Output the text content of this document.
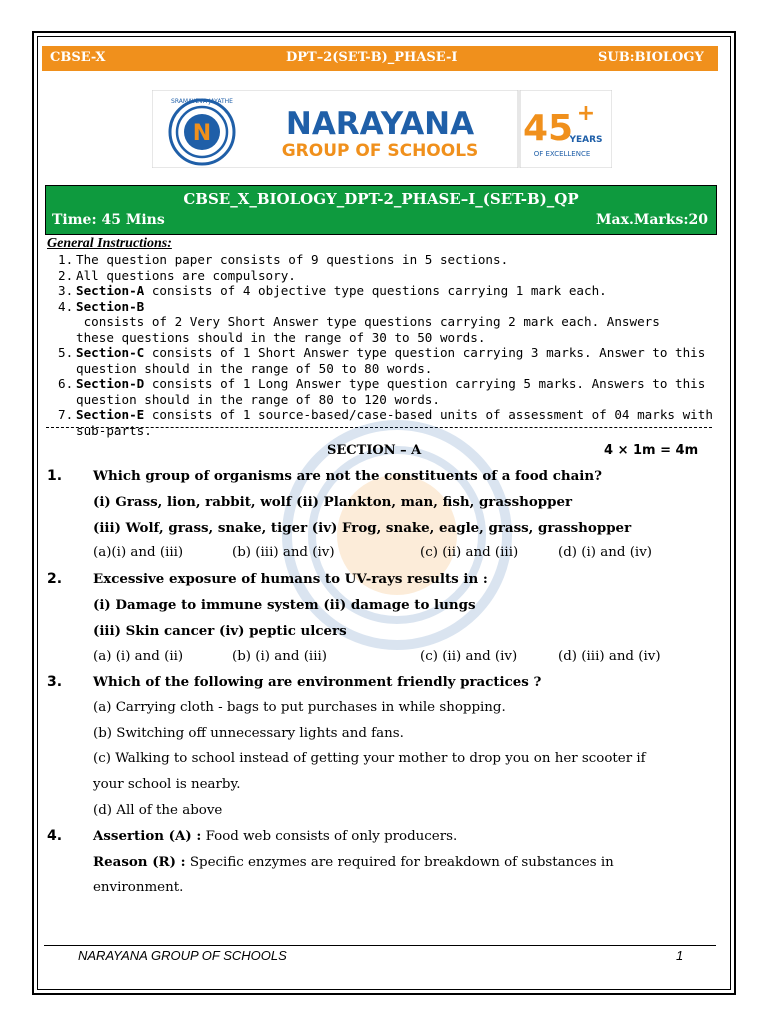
CBSE-X	DPT–2(SET-B)_PHASE-I	SUB:BIOLOGY
N
SRAMAYEVA JAYATHE
NARAYANA
GROUP OF SCHOOLS
45 +
YEARS
OF EXCELLENCE
CBSE_X_BIOLOGY_DPT-2_PHASE–I_(SET-B)_QP
Time: 45 Mins	Max.Marks:20
General Instructions:
1. The question paper consists of 9 questions in 5 sections.
2. All questions are compulsory.
3. Section-A consists of 4 objective type questions carrying 1 mark each.
4. Section-B consists of 2 Very Short Answer type questions carrying 2 mark each. Answers
these questions should in the range of 30 to 50 words.
5. Section-C consists of 1 Short Answer type question carrying 3 marks. Answer to this
question should in the range of 50 to 80 words.
6. Section-D consists of 1 Long Answer type question carrying 5 marks. Answers to this
question should in the range of 80 to 120 words.
7. Section-E consists of 1 source-based/case-based units of assessment of 04 marks with
sub-parts.
SECTION – A	4 × 1m = 4m
1. Which group of organisms are not the constituents of a food chain?
(i) Grass, lion, rabbit, wolf (ii) Plankton, man, fish, grasshopper
(iii) Wolf, grass, snake, tiger (iv) Frog, snake, eagle, grass, grasshopper
(a)(i) and (iii)	(b) (iii) and (iv)	(c) (ii) and (iii)	(d) (i) and (iv)
2. Excessive exposure of humans to UV-rays results in :
(i) Damage to immune system (ii) damage to lungs
(iii) Skin cancer (iv) peptic ulcers
(a) (i) and (ii)	(b) (i) and (iii)	(c) (ii) and (iv)	(d) (iii) and (iv)
3. Which of the following are environment friendly practices ?
(a) Carrying cloth - bags to put purchases in while shopping.
(b) Switching off unnecessary lights and fans.
(c) Walking to school instead of getting your mother to drop you on her scooter if
your school is nearby.
(d) All of the above
4. Assertion (A) : Food web consists of only producers.
Reason (R) : Specific enzymes are required for breakdown of substances in
environment.
NARAYANA GROUP OF SCHOOLS	1
